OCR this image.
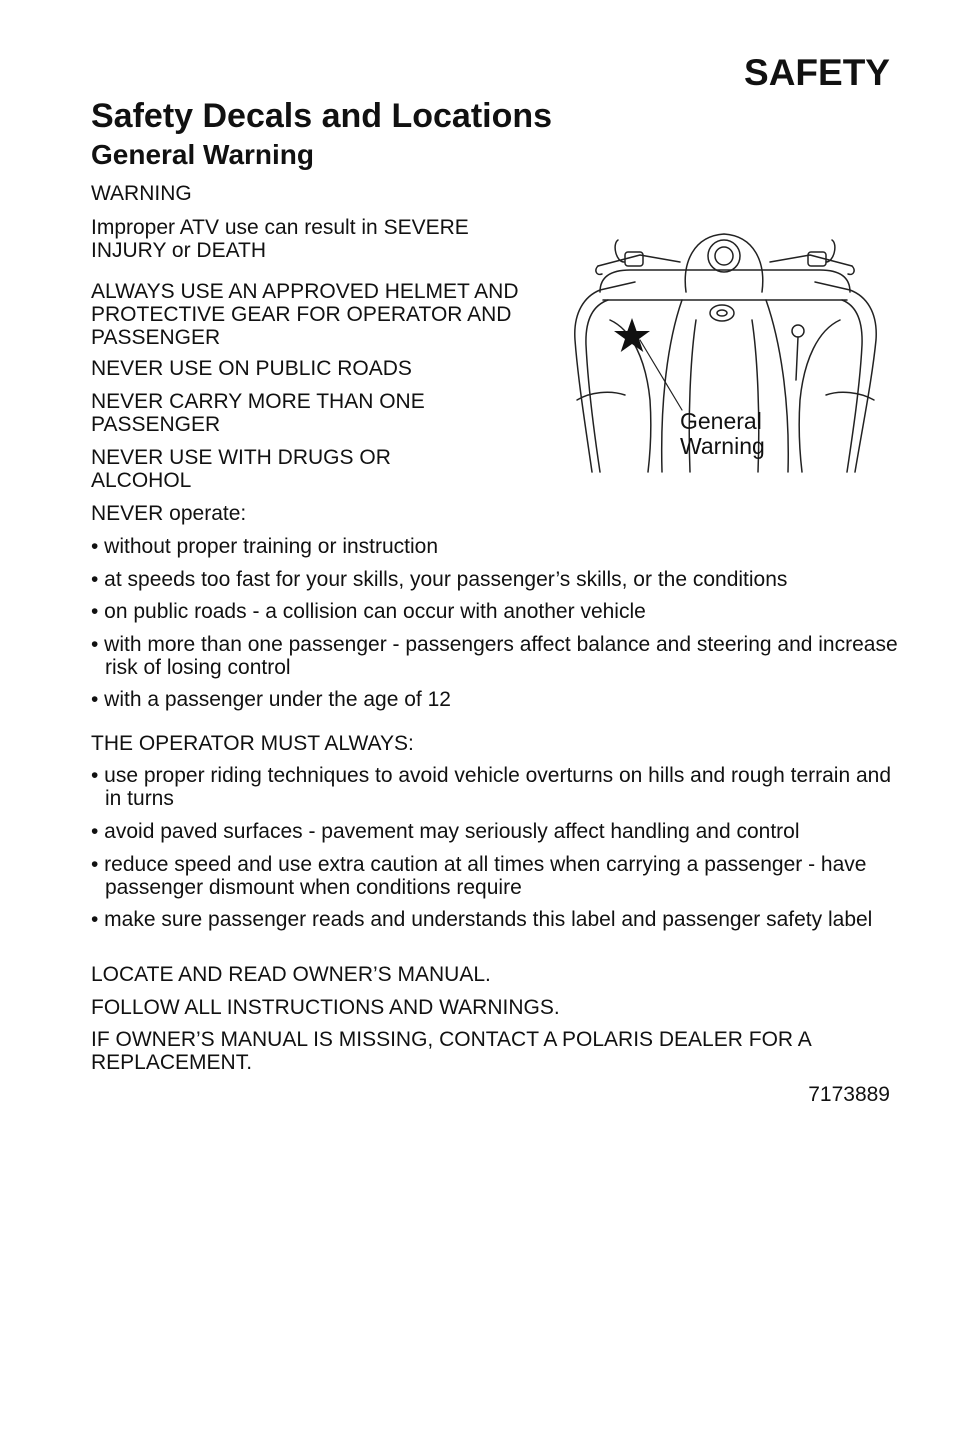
SAFETY
Safety Decals and Locations
General Warning

WARNING

Improper ATV use can result in SEVERE INJURY or DEATH

ALWAYS USE AN APPROVED HELMET AND PROTECTIVE GEAR FOR OPERATOR AND PASSENGER

NEVER USE ON PUBLIC ROADS

NEVER CARRY MORE THAN ONE PASSENGER

NEVER USE WITH DRUGS OR ALCOHOL

NEVER operate:

• without proper training or instruction

• at speeds too fast for your skills, your passenger’s skills, or the conditions

• on public roads - a collision can occur with another vehicle

• with more than one passenger - passengers affect balance and steering and increase risk of losing control

• with a passenger under the age of 12

THE OPERATOR MUST ALWAYS:

• use proper riding techniques to avoid vehicle overturns on hills and rough terrain and in turns

• avoid paved surfaces - pavement may seriously affect handling and control

• reduce speed and use extra caution at all times when carrying a passenger - have passenger dismount when conditions require

• make sure passenger reads and understands this label and passenger safety label

LOCATE AND READ OWNER’S MANUAL.

FOLLOW ALL INSTRUCTIONS AND WARNINGS.

IF OWNER’S MANUAL IS MISSING, CONTACT A POLARIS DEALER FOR A REPLACEMENT.

7173889

General
Warning
